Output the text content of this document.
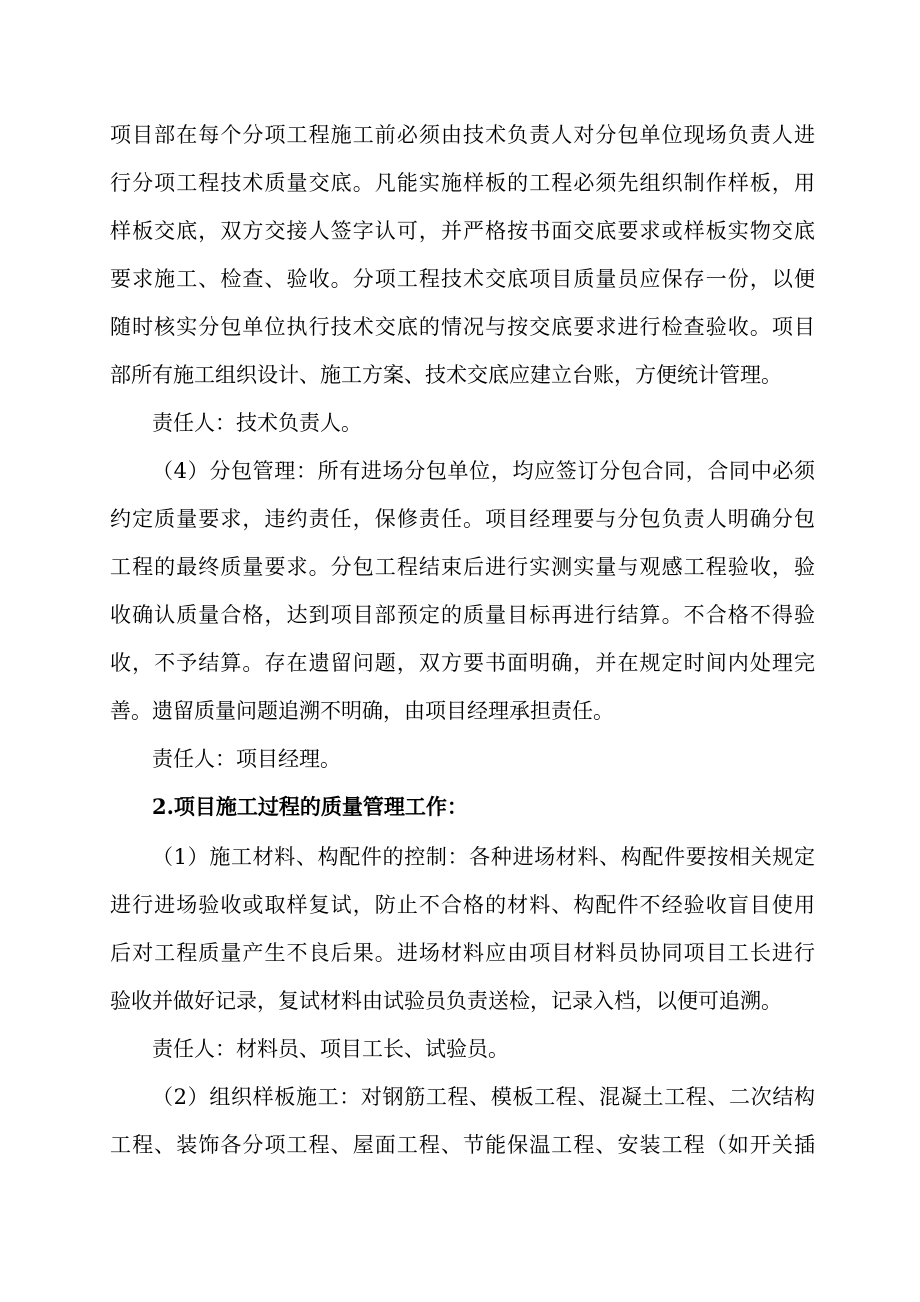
项目部在每个分项工程施工前必须由技术负责人对分包单位现场负责人进
行分项工程技术质量交底。凡能实施样板的工程必须先组织制作样板，用
样板交底，双方交接人签字认可，并严格按书面交底要求或样板实物交底
要求施工、检查、验收。分项工程技术交底项目质量员应保存一份，以便
随时核实分包单位执行技术交底的情况与按交底要求进行检查验收。项目
部所有施工组织设计、施工方案、技术交底应建立台账，方便统计管理。
责任人：技术负责人。
（4）分包管理：所有进场分包单位，均应签订分包合同，合同中必须
约定质量要求，违约责任，保修责任。项目经理要与分包负责人明确分包
工程的最终质量要求。分包工程结束后进行实测实量与观感工程验收，验
收确认质量合格，达到项目部预定的质量目标再进行结算。不合格不得验
收，不予结算。存在遗留问题，双方要书面明确，并在规定时间内处理完
善。遗留质量问题追溯不明确，由项目经理承担责任。
责任人：项目经理。
2.项目施工过程的质量管理工作：
（1）施工材料、构配件的控制：各种进场材料、构配件要按相关规定
进行进场验收或取样复试，防止不合格的材料、构配件不经验收盲目使用
后对工程质量产生不良后果。进场材料应由项目材料员协同项目工长进行
验收并做好记录，复试材料由试验员负责送检，记录入档，以便可追溯。
责任人：材料员、项目工长、试验员。
（2）组织样板施工：对钢筋工程、模板工程、混凝土工程、二次结构
工程、装饰各分项工程、屋面工程、节能保温工程、安装工程（如开关插
